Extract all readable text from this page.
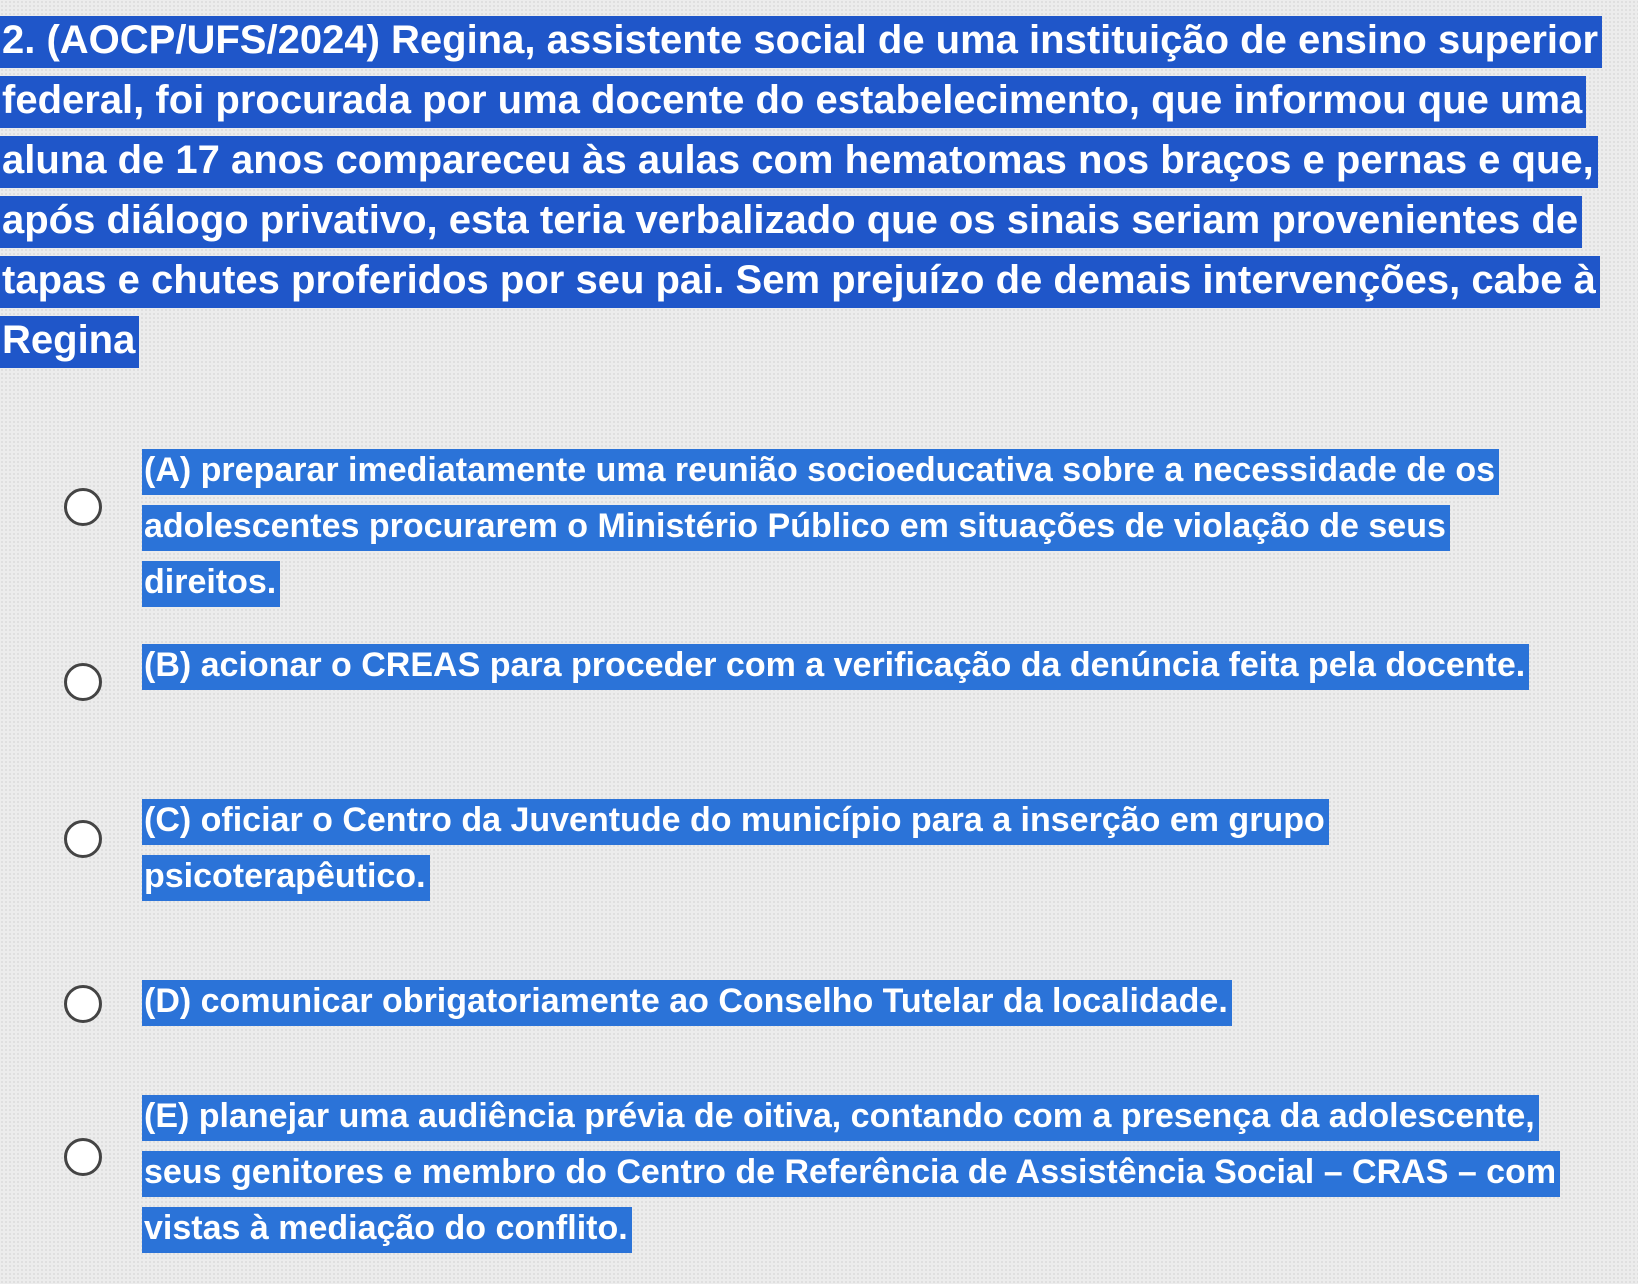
2. (AOCP/UFS/2024) Regina, assistente social de uma instituição de ensino superior federal, foi procurada por uma docente do estabelecimento, que informou que uma aluna de 17 anos compareceu às aulas com hematomas nos braços e pernas e que, após diálogo privativo, esta teria verbalizado que os sinais seriam provenientes de tapas e chutes proferidos por seu pai. Sem prejuízo de demais intervenções, cabe à Regina
(A) preparar imediatamente uma reunião socioeducativa sobre a necessidade de os adolescentes procurarem o Ministério Público em situações de violação de seus direitos.
(B) acionar o CREAS para proceder com a verificação da denúncia feita pela docente.
(C) oficiar o Centro da Juventude do município para a inserção em grupo psicoterapêutico.
(D) comunicar obrigatoriamente ao Conselho Tutelar da localidade.
(E) planejar uma audiência prévia de oitiva, contando com a presença da adolescente, seus genitores e membro do Centro de Referência de Assistência Social – CRAS – com vistas à mediação do conflito.
